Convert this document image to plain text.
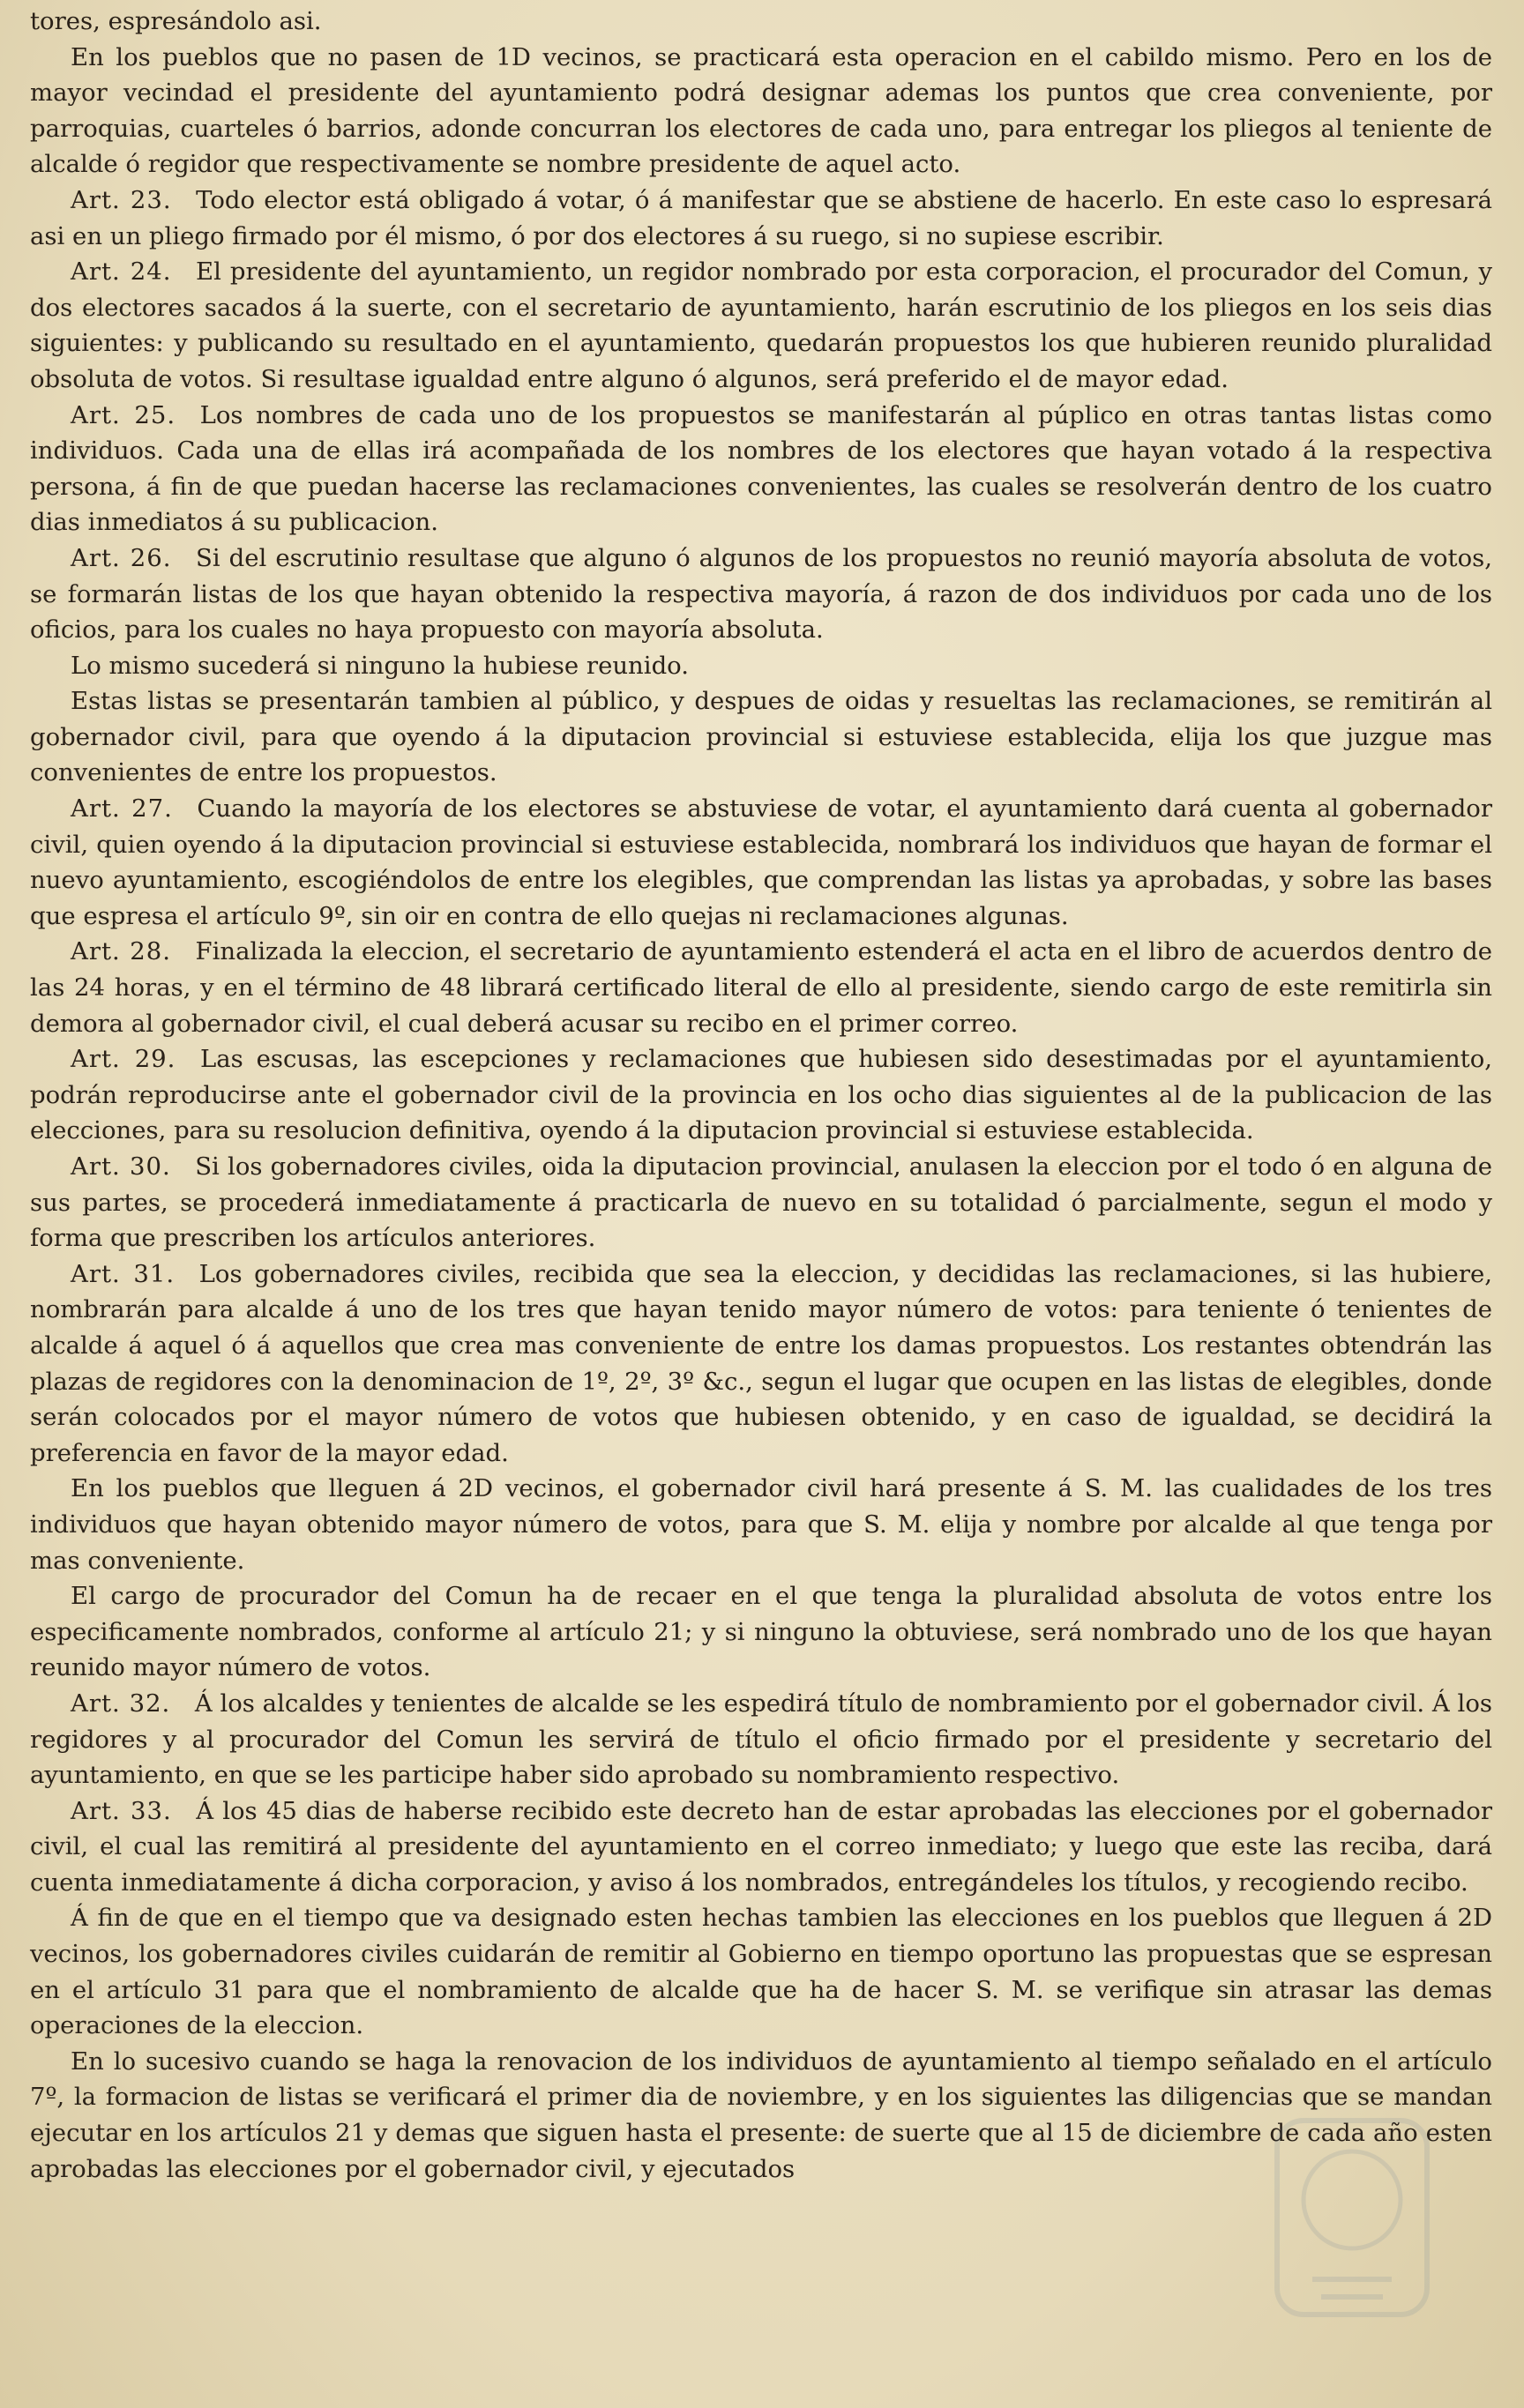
tores, espresándolo asi.

En los pueblos que no pasen de 1D vecinos, se practicará esta operacion en el cabildo mismo. Pero en los de mayor vecindad el presidente del ayuntamiento podrá designar ademas los puntos que crea conveniente, por parroquias, cuarteles ó barrios, adonde concurran los electores de cada uno, para entregar los pliegos al teniente de alcalde ó regidor que respectivamente se nombre presidente de aquel acto.

Art. 23.  Todo elector está obligado á votar, ó á manifestar que se abstiene de hacerlo. En este caso lo espresará asi en un pliego firmado por él mismo, ó por dos electores á su ruego, si no supiese escribir.

Art. 24.  El presidente del ayuntamiento, un regidor nombrado por esta corporacion, el procurador del Comun, y dos electores sacados á la suerte, con el secretario de ayuntamiento, harán escrutinio de los pliegos en los seis dias siguientes: y publicando su resultado en el ayuntamiento, quedarán propuestos los que hubieren reunido pluralidad obsoluta de votos. Si resultase igualdad entre alguno ó algunos, será preferido el de mayor edad.

Art. 25.  Los nombres de cada uno de los propuestos se manifestarán al púplico en otras tantas listas como individuos. Cada una de ellas irá acompañada de los nombres de los electores que hayan votado á la respectiva persona, á fin de que puedan hacerse las reclamaciones convenientes, las cuales se resolverán dentro de los cuatro dias inmediatos á su publicacion.

Art. 26.  Si del escrutinio resultase que alguno ó algunos de los propuestos no reunió mayoría absoluta de votos, se formarán listas de los que hayan obtenido la respectiva mayoría, á razon de dos individuos por cada uno de los oficios, para los cuales no haya propuesto con mayoría absoluta.

Lo mismo sucederá si ninguno la hubiese reunido.

Estas listas se presentarán tambien al público, y despues de oidas y resueltas las reclamaciones, se remitirán al gobernador civil, para que oyendo á la diputacion provincial si estuviese establecida, elija los que juzgue mas convenientes de entre los propuestos.

Art. 27.  Cuando la mayoría de los electores se abstuviese de votar, el ayuntamiento dará cuenta al gobernador civil, quien oyendo á la diputacion provincial si estuviese establecida, nombrará los individuos que hayan de formar el nuevo ayuntamiento, escogiéndolos de entre los elegibles, que comprendan las listas ya aprobadas, y sobre las bases que espresa el artículo 9º, sin oir en contra de ello quejas ni reclamaciones algunas.

Art. 28.  Finalizada la eleccion, el secretario de ayuntamiento estenderá el acta en el libro de acuerdos dentro de las 24 horas, y en el término de 48 librará certificado literal de ello al presidente, siendo cargo de este remitirla sin demora al gobernador civil, el cual deberá acusar su recibo en el primer correo.

Art. 29.  Las escusas, las escepciones y reclamaciones que hubiesen sido desestimadas por el ayuntamiento, podrán reproducirse ante el gobernador civil de la provincia en los ocho dias siguientes al de la publicacion de las elecciones, para su resolucion definitiva, oyendo á la diputacion provincial si estuviese establecida.

Art. 30.  Si los gobernadores civiles, oida la diputacion provincial, anulasen la eleccion por el todo ó en alguna de sus partes, se procederá inmediatamente á practicarla de nuevo en su totalidad ó parcialmente, segun el modo y forma que prescriben los artículos anteriores.

Art. 31.  Los gobernadores civiles, recibida que sea la eleccion, y decididas las reclamaciones, si las hubiere, nombrarán para alcalde á uno de los tres que hayan tenido mayor número de votos: para teniente ó tenientes de alcalde á aquel ó á aquellos que crea mas conveniente de entre los damas propuestos. Los restantes obtendrán las plazas de regidores con la denominacion de 1º, 2º, 3º &c., segun el lugar que ocupen en las listas de elegibles, donde serán colocados por el mayor número de votos que hubiesen obtenido, y en caso de igualdad, se decidirá la preferencia en favor de la mayor edad.

En los pueblos que lleguen á 2D vecinos, el gobernador civil hará presente á S. M. las cualidades de los tres individuos que hayan obtenido mayor número de votos, para que S. M. elija y nombre por alcalde al que tenga por mas conveniente.

El cargo de procurador del Comun ha de recaer en el que tenga la pluralidad absoluta de votos entre los especificamente nombrados, conforme al artículo 21; y si ninguno la obtuviese, será nombrado uno de los que hayan reunido mayor número de votos.

Art. 32.  Á los alcaldes y tenientes de alcalde se les espedirá título de nombramiento por el gobernador civil. Á los regidores y al procurador del Comun les servirá de título el oficio firmado por el presidente y secretario del ayuntamiento, en que se les participe haber sido aprobado su nombramiento respectivo.

Art. 33.  Á los 45 dias de haberse recibido este decreto han de estar aprobadas las elecciones por el gobernador civil, el cual las remitirá al presidente del ayuntamiento en el correo inmediato; y luego que este las reciba, dará cuenta inmediatamente á dicha corporacion, y aviso á los nombrados, entregándeles los títulos, y recogiendo recibo.

Á fin de que en el tiempo que va designado esten hechas tambien las elecciones en los pueblos que lleguen á 2D vecinos, los gobernadores civiles cuidarán de remitir al Gobierno en tiempo oportuno las propuestas que se espresan en el artículo 31 para que el nombramiento de alcalde que ha de hacer S. M. se verifique sin atrasar las demas operaciones de la eleccion.

En lo sucesivo cuando se haga la renovacion de los individuos de ayuntamiento al tiempo señalado en el artículo 7º, la formacion de listas se verificará el primer dia de noviembre, y en los siguientes las diligencias que se mandan ejecutar en los artículos 21 y demas que siguen hasta el presente: de suerte que al 15 de diciembre de cada año esten aprobadas las elecciones por el gobernador civil, y ejecutados
